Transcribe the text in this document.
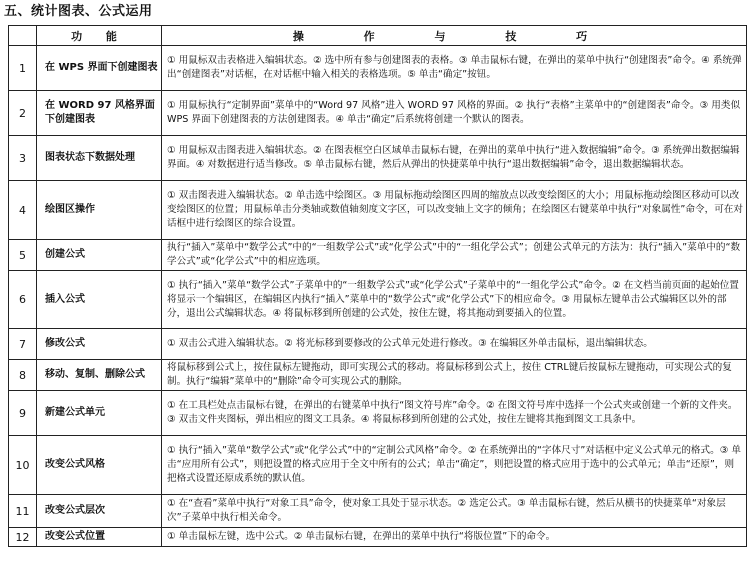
五、统计图表、公式运用
	功 能	操 作 与 技 巧
1	在 WPS 界面下创建图表	① 用鼠标双击表格进入编辑状态。② 选中所有参与创建图表的表格。③ 单击鼠标右键，在弹出的菜单中执行“创建图表”命令。④ 系统弹出“创建图表”对话框，在对话框中输入相关的表格选项。⑤ 单击“确定”按钮。
2	在 WORD 97 风格界面下创建图表	① 用鼠标执行“定制界面”菜单中的“Word 97 风格”进入 WORD 97 风格的界面。② 执行“表格”主菜单中的“创建图表”命令。③ 用类似 WPS 界面下创建图表的方法创建图表。④ 单击“确定”后系统将创建一个默认的图表。
3	图表状态下数据处理	① 用鼠标双击图表进入编辑状态。② 在图表框空白区域单击鼠标右键，在弹出的菜单中执行“进入数据编辑”命令。③ 系统弹出数据编辑界面。④ 对数据进行适当修改。⑤ 单击鼠标右键，然后从弹出的快捷菜单中执行“退出数据编辑”命令，退出数据编辑状态。
4	绘图区操作	① 双击图表进入编辑状态。② 单击选中绘图区。③ 用鼠标拖动绘图区四周的缩放点以改变绘图区的大小；用鼠标拖动绘图区移动可以改变绘图区的位置；用鼠标单击分类轴或数值轴刻度文字区，可以改变轴上文字的倾角；在绘图区右键菜单中执行“对象属性”命令，可在对话框中进行绘图区的综合设置。
5	创建公式	执行“插入”菜单中“数学公式”中的“一组数学公式”或“化学公式”中的“一组化学公式”；创建公式单元的方法为：执行“插入”菜单中的“数学公式”或“化学公式”中的相应选项。
6	插入公式	① 执行“插入”菜单“数学公式”子菜单中的“一组数学公式”或“化学公式”子菜单中的“一组化学公式”命令。② 在文档当前页面的起始位置将显示一个编辑区，在编辑区内执行“插入”菜单中的“数学公式”或“化学公式”下的相应命令。③ 用鼠标左键单击公式编辑区以外的部分，退出公式编辑状态。④ 将鼠标移到所创建的公式处，按住左键，将其拖动到要插入的位置。
7	修改公式	① 双击公式进入编辑状态。② 将光标移到要修改的公式单元处进行修改。③ 在编辑区外单击鼠标，退出编辑状态。
8	移动、复制、删除公式	将鼠标移到公式上，按住鼠标左键拖动，即可实现公式的移动。将鼠标移到公式上，按住 CTRL键后按鼠标左键拖动，可实现公式的复制。执行“编辑”菜单中的“删除”命令可实现公式的删除。
9	新建公式单元	① 在工具栏处点击鼠标右键，在弹出的右键菜单中执行“图文符号库”命令。② 在图文符号库中选择一个公式夹或创建一个新的文件夹。③ 双击文件夹图标，弹出相应的图文工具条。④ 将鼠标移到所创建的公式处，按住左键将其拖到图文工具条中。
10	改变公式风格	① 执行“插入”菜单“数学公式”或“化学公式”中的“定制公式风格”命令。② 在系统弹出的“字体尺寸”对话框中定义公式单元的格式。③ 单击“应用所有公式”，则把设置的格式应用于全文中所有的公式；单击“确定”，则把设置的格式应用于选中的公式单元；单击“还原”，则把格式设置还原成系统的默认值。
11	改变公式层次	① 在“查看”菜单中执行“对象工具”命令，使对象工具处于显示状态。② 选定公式。③ 单击鼠标右键，然后从横书的快捷菜单“对象层次”子菜单中执行相关命令。
12	改变公式位置	① 单击鼠标左键，选中公式。② 单击鼠标右键，在弹出的菜单中执行“将版位置”下的命令。
